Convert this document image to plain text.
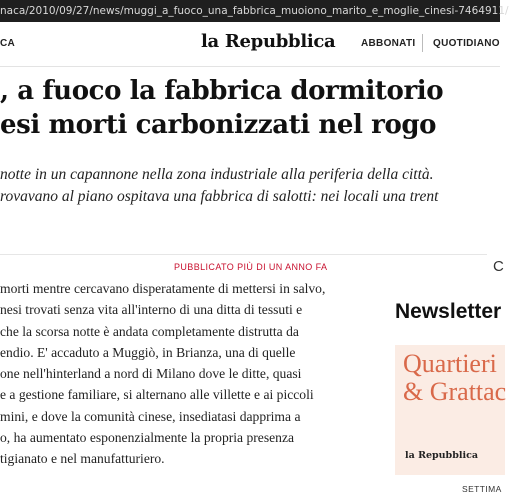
naca/2010/09/27/news/muggi_a_fuoco_una_fabbrica_muoiono_marito_e_moglie_cinesi-7464911/
CA	la Repubblica	ABBONATI QUOTIDIANO
, a fuoco la fabbrica dormitorio
esi morti carbonizzati nel rogo
notte in un capannone nella zona industriale alla periferia della città.
rovavano al piano ospitava una fabbrica di salotti: nei locali una trent
PUBBLICATO PIÙ DI UN ANNO FA	C
morti mentre cercavano disperatamente di mettersi in salvo,
nesi trovati senza vita all'interno di una ditta di tessuti e
che la scorsa notte è andata completamente distrutta da
endio. E' accaduto a Muggiò, in Brianza, una di quelle
one nell'hinterland a nord di Milano dove le ditte, quasi
e a gestione familiare, si alternano alle villette e ai piccoli
mini, e dove la comunità cinese, insediatasi dapprima a
o, ha aumentato esponenzialmente la propria presenza
tigianato e nel manufatturiero.
Newsletter
Quartieri
& Grattac
la Repubblica
SETTIMA
